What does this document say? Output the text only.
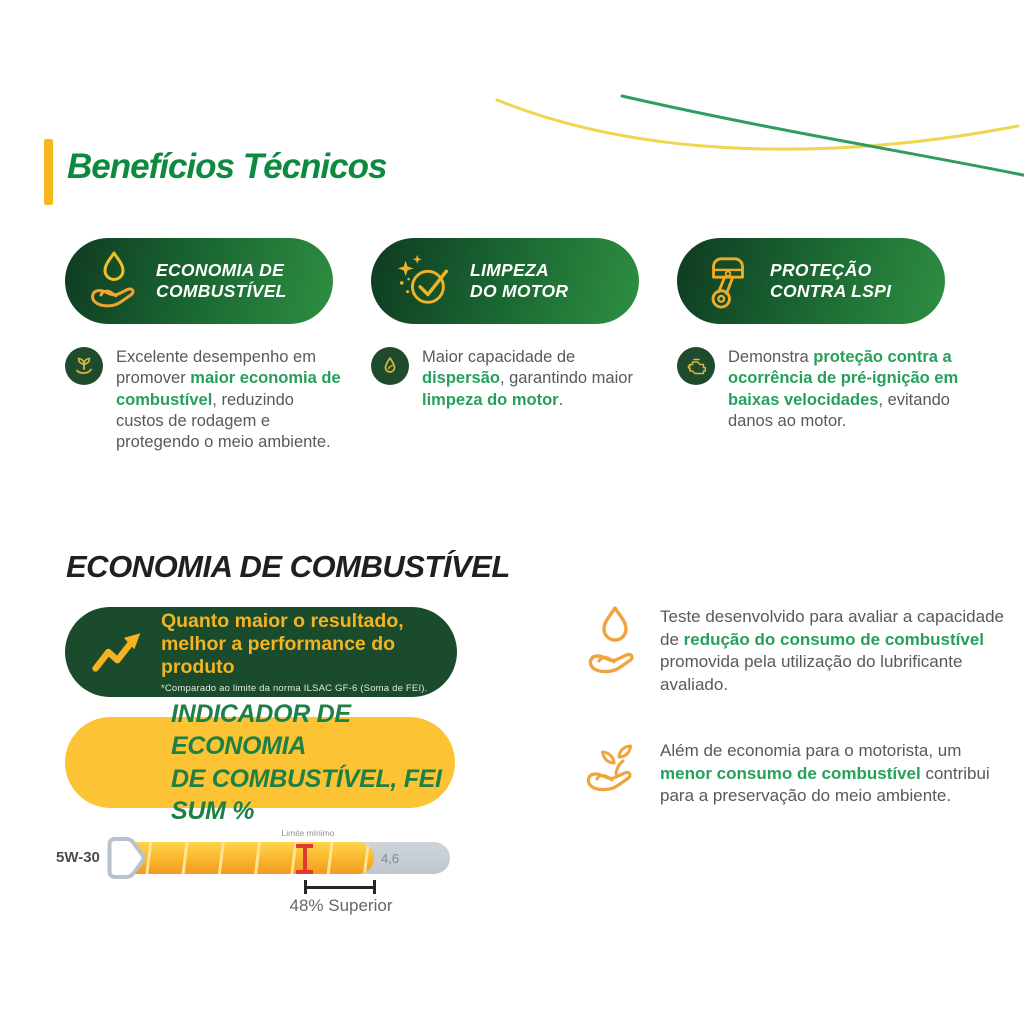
Benefícios Técnicos
ECONOMIA DE
COMBUSTÍVEL
LIMPEZA
DO MOTOR
PROTEÇÃO
CONTRA LSPI
Excelente desempenho em promover maior economia de combustível, reduzindo custos de rodagem e protegendo o meio ambiente.
Maior capacidade de dispersão, garantindo maior limpeza do motor.
Demonstra proteção contra a ocorrência de pré-ignição em baixas velocidades, evitando danos ao motor.
ECONOMIA DE COMBUSTÍVEL
Quanto maior o resultado,
melhor a performance do produto
*Comparado ao limite da norma ILSAC GF-6 (Soma de FEI).
INDICADOR DE ECONOMIA
DE COMBUSTÍVEL, FEI SUM %
Limite mínimo
5W-30	4,6
48% Superior
Teste desenvolvido para avaliar a capacidade de redução do consumo de combustível promovida pela utilização do lubrificante avaliado.
Além de economia para o motorista, um menor consumo de combustível contribui para a preservação do meio ambiente.
